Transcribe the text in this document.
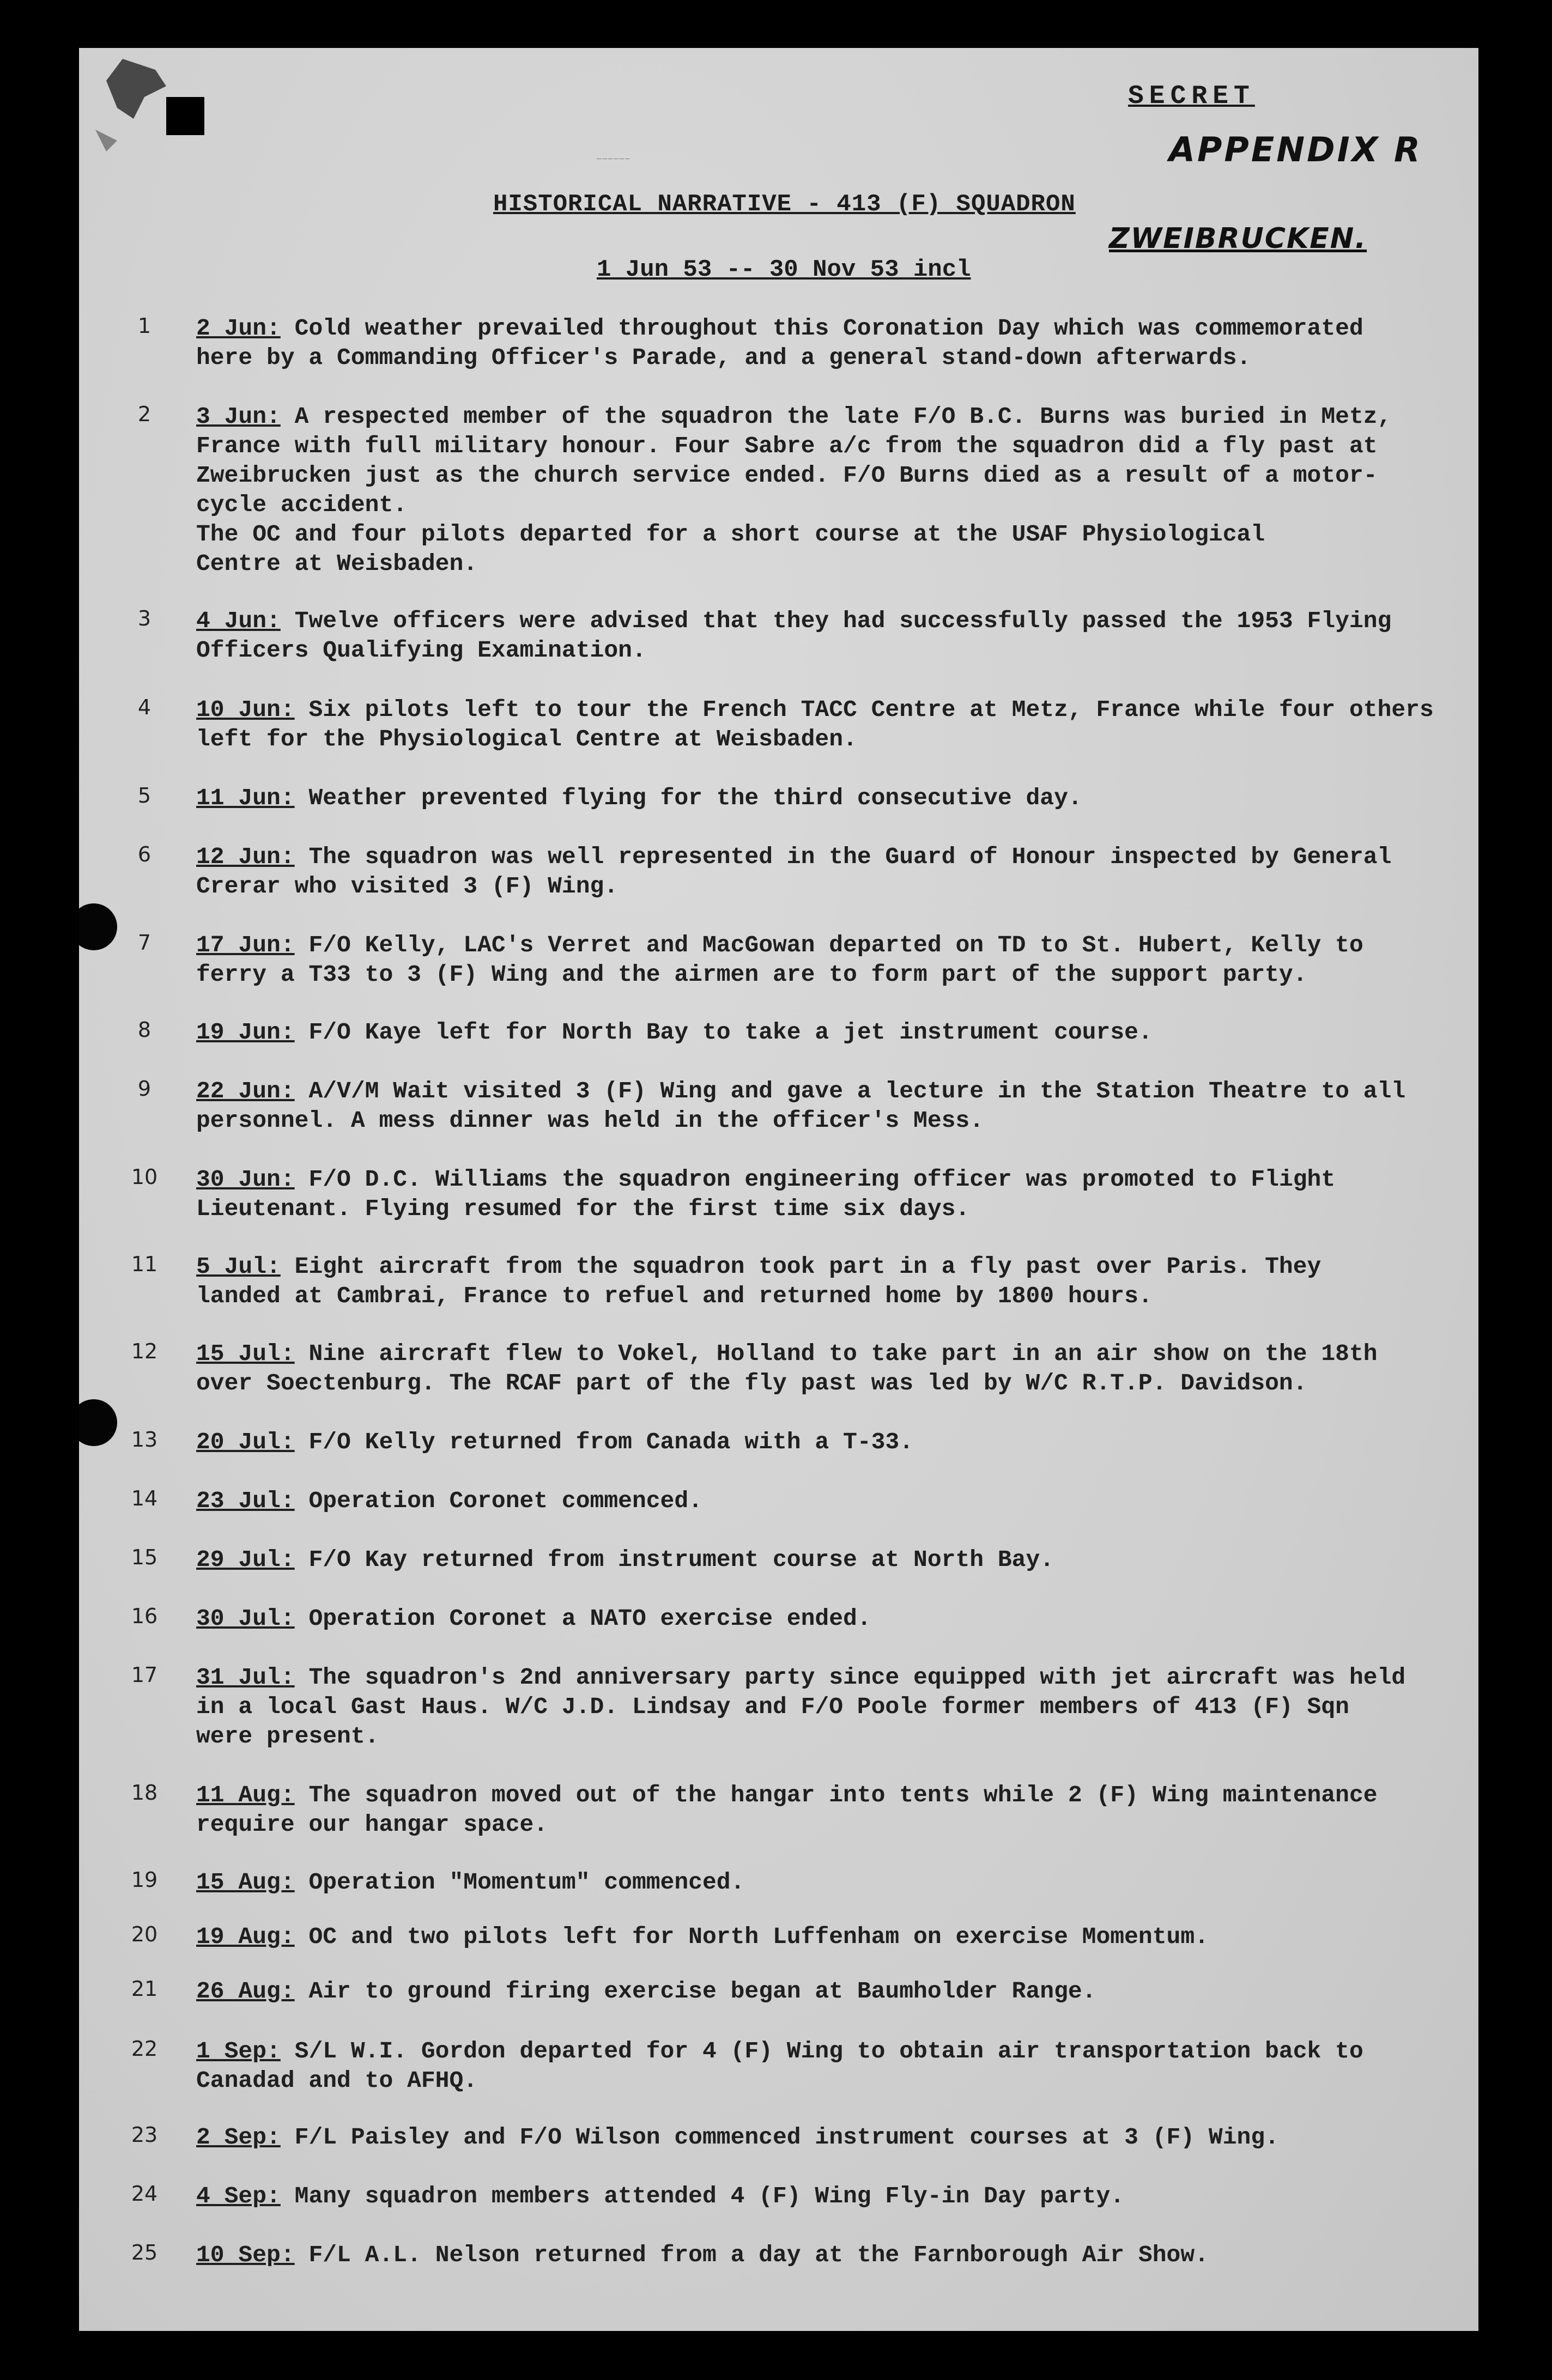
SECRET
APPENDIX R
ZWEIBRUCKEN.
——————
HISTORICAL NARRATIVE - 413 (F) SQUADRON
1 Jun 53 -- 30 Nov 53 incl
1	2 Jun: Cold weather prevailed throughout this Coronation Day which was commemorated
here by a Commanding Officer's Parade, and a general stand-down afterwards.
2	3 Jun: A respected member of the squadron the late F/O B.C. Burns was buried in Metz,
France with full military honour. Four Sabre a/c from the squadron did a fly past at
Zweibrucken just as the church service ended. F/O Burns died as a result of a motor-
cycle accident.
The OC and four pilots departed for a short course at the USAF Physiological
Centre at Weisbaden.
3	4 Jun: Twelve officers were advised that they had successfully passed the 1953 Flying
Officers Qualifying Examination.
4	10 Jun: Six pilots left to tour the French TACC Centre at Metz, France while four others
left for the Physiological Centre at Weisbaden.
5	11 Jun: Weather prevented flying for the third consecutive day.
6	12 Jun: The squadron was well represented in the Guard of Honour inspected by General
Crerar who visited 3 (F) Wing.
7	17 Jun: F/O Kelly, LAC's Verret and MacGowan departed on TD to St. Hubert, Kelly to
ferry a T33 to 3 (F) Wing and the airmen are to form part of the support party.
8	19 Jun: F/O Kaye left for North Bay to take a jet instrument course.
9	22 Jun: A/V/M Wait visited 3 (F) Wing and gave a lecture in the Station Theatre to all
personnel. A mess dinner was held in the officer's Mess.
10	30 Jun: F/O D.C. Williams the squadron engineering officer was promoted to Flight
Lieutenant. Flying resumed for the first time six days.
11	5 Jul: Eight aircraft from the squadron took part in a fly past over Paris. They
landed at Cambrai, France to refuel and returned home by 1800 hours.
12	15 Jul: Nine aircraft flew to Vokel, Holland to take part in an air show on the 18th
over Soectenburg. The RCAF part of the fly past was led by W/C R.T.P. Davidson.
13	20 Jul: F/O Kelly returned from Canada with a T-33.
14	23 Jul: Operation Coronet commenced.
15	29 Jul: F/O Kay returned from instrument course at North Bay.
16	30 Jul: Operation Coronet a NATO exercise ended.
17	31 Jul: The squadron's 2nd anniversary party since equipped with jet aircraft was held
in a local Gast Haus. W/C J.D. Lindsay and F/O Poole former members of 413 (F) Sqn
were present.
18	11 Aug: The squadron moved out of the hangar into tents while 2 (F) Wing maintenance
require our hangar space.
19	15 Aug: Operation "Momentum" commenced.
20	19 Aug: OC and two pilots left for North Luffenham on exercise Momentum.
21	26 Aug: Air to ground firing exercise began at Baumholder Range.
22	1 Sep: S/L W.I. Gordon departed for 4 (F) Wing to obtain air transportation back to
Canadad and to AFHQ.
23	2 Sep: F/L Paisley and F/O Wilson commenced instrument courses at 3 (F) Wing.
24	4 Sep: Many squadron members attended 4 (F) Wing Fly-in Day party.
25	10 Sep: F/L A.L. Nelson returned from a day at the Farnborough Air Show.
